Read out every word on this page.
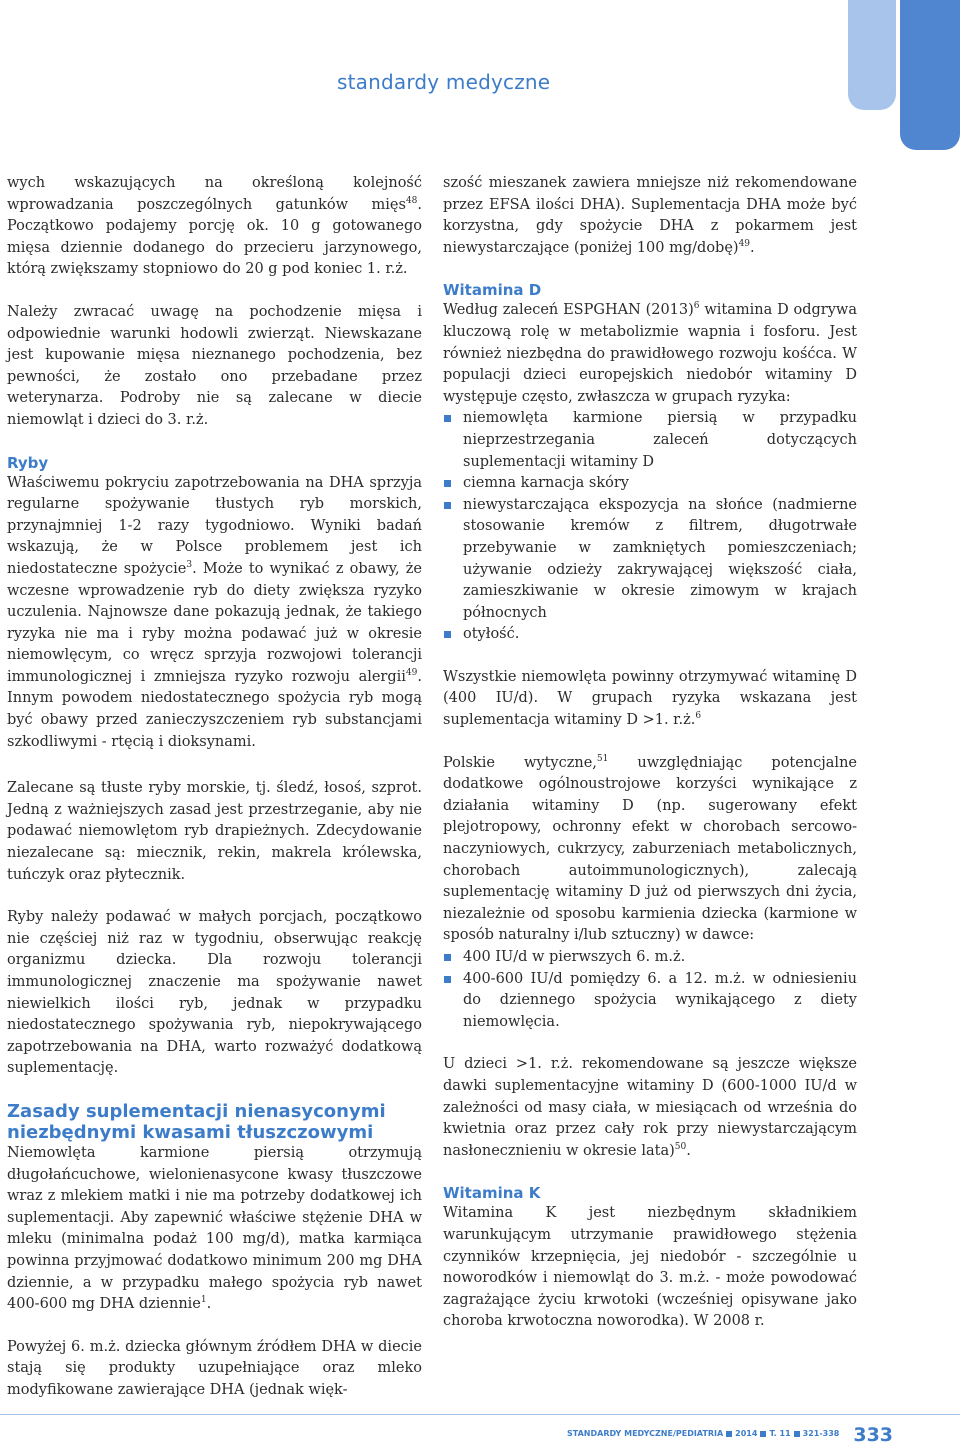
standardy medyczne

wych wskazujących na określoną kolejność wprowadzania poszczególnych gatunków mięs$^{48}$. Początkowo podajemy porcję ok. 10 g gotowanego mięsa dziennie dodanego do przecieru jarzynowego, którą zwiększamy stopniowo do 20 g pod koniec 1. r.ż.

Należy zwracać uwagę na pochodzenie mięsa i odpowiednie warunki hodowli zwierząt. Niewskazane jest kupowanie mięsa nieznanego pochodzenia, bez pewności, że zostało ono przebadane przez weterynarza. Podroby nie są zalecane w diecie niemowląt i dzieci do 3. r.ż.

Ryby

Właściwemu pokryciu zapotrzebowania na DHA sprzyja regularne spożywanie tłustych ryb morskich, przynajmniej 1-2 razy tygodniowo. Wyniki badań wskazują, że w Polsce problemem jest ich niedostateczne spożycie$^3$. Może to wynikać z obawy, że wczesne wprowadzenie ryb do diety zwiększa ryzyko uczulenia. Najnowsze dane pokazują jednak, że takiego ryzyka nie ma i ryby można podawać już w okresie niemowlęcym, co wręcz sprzyja rozwojowi tolerancji immunologicznej i zmniejsza ryzyko rozwoju alergii$^{49}$. Innym powodem niedostatecznego spożycia ryb mogą być obawy przed zanieczyszczeniem ryb substancjami szkodliwymi - rtęcią i dioksynami.

Zalecane są tłuste ryby morskie, tj. śledź, łosoś, szprot. Jedną z ważniejszych zasad jest przestrzeganie, aby nie podawać niemowlętom ryb drapieżnych. Zdecydowanie niezalecane są: miecznik, rekin, makrela królewska, tuńczyk oraz płytecznik.

Ryby należy podawać w małych porcjach, początkowo nie częściej niż raz w tygodniu, obserwując reakcję organizmu dziecka. Dla rozwoju tolerancji immunologicznej znaczenie ma spożywanie nawet niewielkich ilości ryb, jednak w przypadku niedostatecznego spożywania ryb, niepokrywającego zapotrzebowania na DHA, warto rozważyć dodatkową suplementację.

Zasady suplementacji nienasyconymi niezbędnymi kwasami tłuszczowymi

Niemowlęta karmione piersią otrzymują długołańcuchowe, wielonienasycone kwasy tłuszczowe wraz z mlekiem matki i nie ma potrzeby dodatkowej ich suplementacji. Aby zapewnić właściwe stężenie DHA w mleku (minimalna podaż 100 mg/d), matka karmiąca powinna przyjmować dodatkowo minimum 200 mg DHA dziennie, a w przypadku małego spożycia ryb nawet 400-600 mg DHA dziennie$^1$.

Powyżej 6. m.ż. dziecka głównym źródłem DHA w diecie stają się produkty uzupełniające oraz mleko modyfikowane zawierające DHA (jednak więk-

szość mieszanek zawiera mniejsze niż rekomendowane przez EFSA ilości DHA). Suplementacja DHA może być korzystna, gdy spożycie DHA z pokarmem jest niewystarczające (poniżej 100 mg/dobę)$^{49}$.

Witamina D

Według zaleceń ESPGHAN $(2013)^6$ witamina D odgrywa kluczową rolę w metabolizmie wapnia i fosforu. Jest również niezbędna do prawidłowego rozwoju kośćca. W populacji dzieci europejskich niedobór witaminy D występuje często, zwłaszcza w grupach ryzyka:

niemowlęta karmione piersią w przypadku nieprzestrzegania zaleceń dotyczących suplementacji witaminy D
ciemna karnacja skóry
niewystarczająca ekspozycja na słońce (nadmierne stosowanie kremów z filtrem, długotrwałe przebywanie w zamkniętych pomieszczeniach; używanie odzieży zakrywającej większość ciała, zamieszkiwanie w okresie zimowym w krajach północnych
otyłość.

Wszystkie niemowlęta powinny otrzymywać witaminę D (400 IU/d). W grupach ryzyka wskazana jest suplementacja witaminy D >1. r.ż.$^6$

Polskie wytyczne,$^{51}$ uwzględniając potencjalne dodatkowe ogólnoustrojowe korzyści wynikające z działania witaminy D (np. sugerowany efekt plejotropowy, ochronny efekt w chorobach sercowo-naczyniowych, cukrzycy, zaburzeniach metabolicznych, chorobach autoimmunologicznych), zalecają suplementację witaminy D już od pierwszych dni życia, niezależnie od sposobu karmienia dziecka (karmione w sposób naturalny i/lub sztuczny) w dawce:

400 IU/d w pierwszych 6. m.ż.
400-600 IU/d pomiędzy 6. a 12. m.ż. w odniesieniu do dziennego spożycia wynikającego z diety niemowlęcia.

U dzieci >1. r.ż. rekomendowane są jeszcze większe dawki suplementacyjne witaminy D (600-1000 IU/d w zależności od masy ciała, w miesiącach od września do kwietnia oraz przez cały rok przy niewystarczającym nasłonecznieniu w okresie lata)$^{50}$.

Witamina K

Witamina K jest niezbędnym składnikiem warunkującym utrzymanie prawidłowego stężenia czynników krzepnięcia, jej niedobór - szczególnie u noworodków i niemowląt do 3. m.ż. - może powodować zagrażające życiu krwotoki (wcześniej opisywane jako choroba krwotoczna noworodka). W 2008 r.

STANDARDY MEDYCZNE/PEDIATRIA 2014 T. 11 321-338 333
